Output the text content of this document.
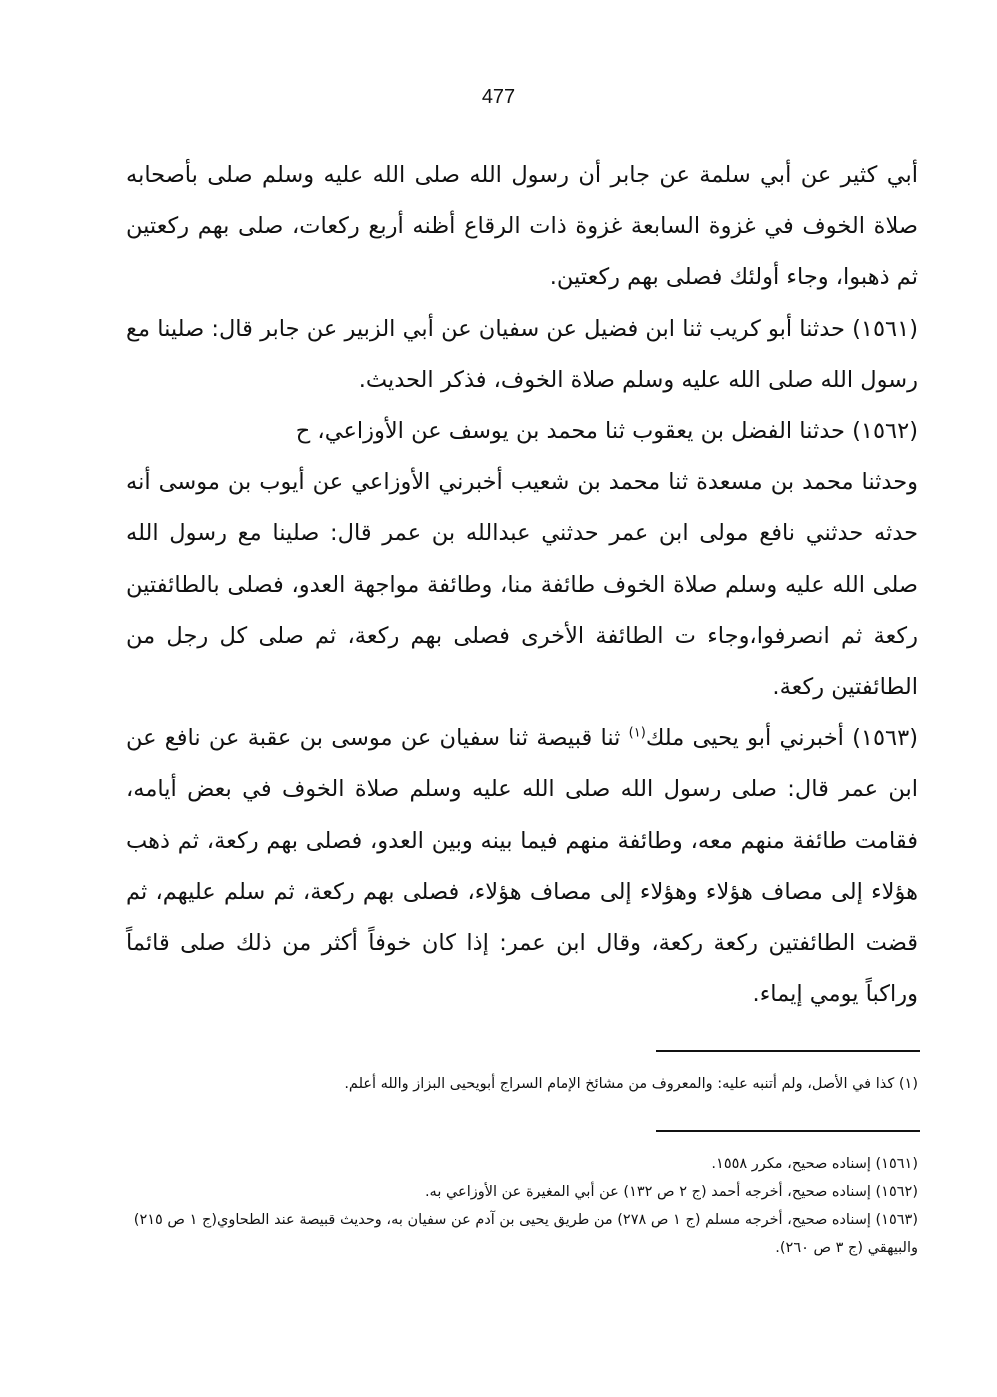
477

أبي كثير عن أبي سلمة عن جابر أن رسول الله صلى الله عليه وسلم صلى بأصحابه صلاة الخوف في غزوة السابعة غزوة ذات الرقاع أظنه أربع ركعات، صلى بهم ركعتين ثم ذهبوا، وجاء أولئك فصلى بهم ركعتين.

(١٥٦١) حدثنا أبو كريب ثنا ابن فضيل عن سفيان عن أبي الزبير عن جابر قال: صلينا مع رسول الله صلى الله عليه وسلم صلاة الخوف، فذكر الحديث.

(١٥٦٢) حدثنا الفضل بن يعقوب ثنا محمد بن يوسف عن الأوزاعي، ح

وحدثنا محمد بن مسعدة ثنا محمد بن شعيب أخبرني الأوزاعي عن أيوب بن موسى أنه حدثه حدثني نافع مولى ابن عمر حدثني عبدالله بن عمر قال: صلينا مع رسول الله صلى الله عليه وسلم صلاة الخوف طائفة منا، وطائفة مواجهة العدو، فصلى بالطائفتين ركعة ثم انصرفوا،وجاء ت الطائفة الأخرى فصلى بهم ركعة، ثم صلى كل رجل من الطائفتين ركعة.

(١٥٦٣) أخبرني أبو يحيى ملك$^{(١)}$ ثنا قبيصة ثنا سفيان عن موسى بن عقبة عن نافع عن ابن عمر قال: صلى رسول الله صلى الله عليه وسلم صلاة الخوف في بعض أيامه، فقامت طائفة منهم معه، وطائفة منهم فيما بينه وبين العدو، فصلى بهم ركعة، ثم ذهب هؤلاء إلى مصاف هؤلاء وهؤلاء إلى مصاف هؤلاء، فصلى بهم ركعة، ثم سلم عليهم، ثم قضت الطائفتين ركعة ركعة، وقال ابن عمر: إذا كان خوفاً أكثر من ذلك صلى قائماً وراكباً يومي إيماء.

(١) كذا في الأصل، ولم أتنبه عليه: والمعروف من مشائخ الإمام السراج أبويحيى البزاز والله أعلم.

(١٥٦١) إسناده صحيح، مكرر ١٥٥٨.

(١٥٦٢) إسناده صحيح، أخرجه أحمد (ج ٢ ص ١٣٢) عن أبي المغيرة عن الأوزاعي به.

(١٥٦٣) إسناده صحيح، أخرجه مسلم (ج ١ ص ٢٧٨) من طريق يحيى بن آدم عن سفيان به، وحديث قبيصة عند الطحاوي(ج ١ ص ٢١٥) والبيهقي (ج ٣ ص ٢٦٠).
